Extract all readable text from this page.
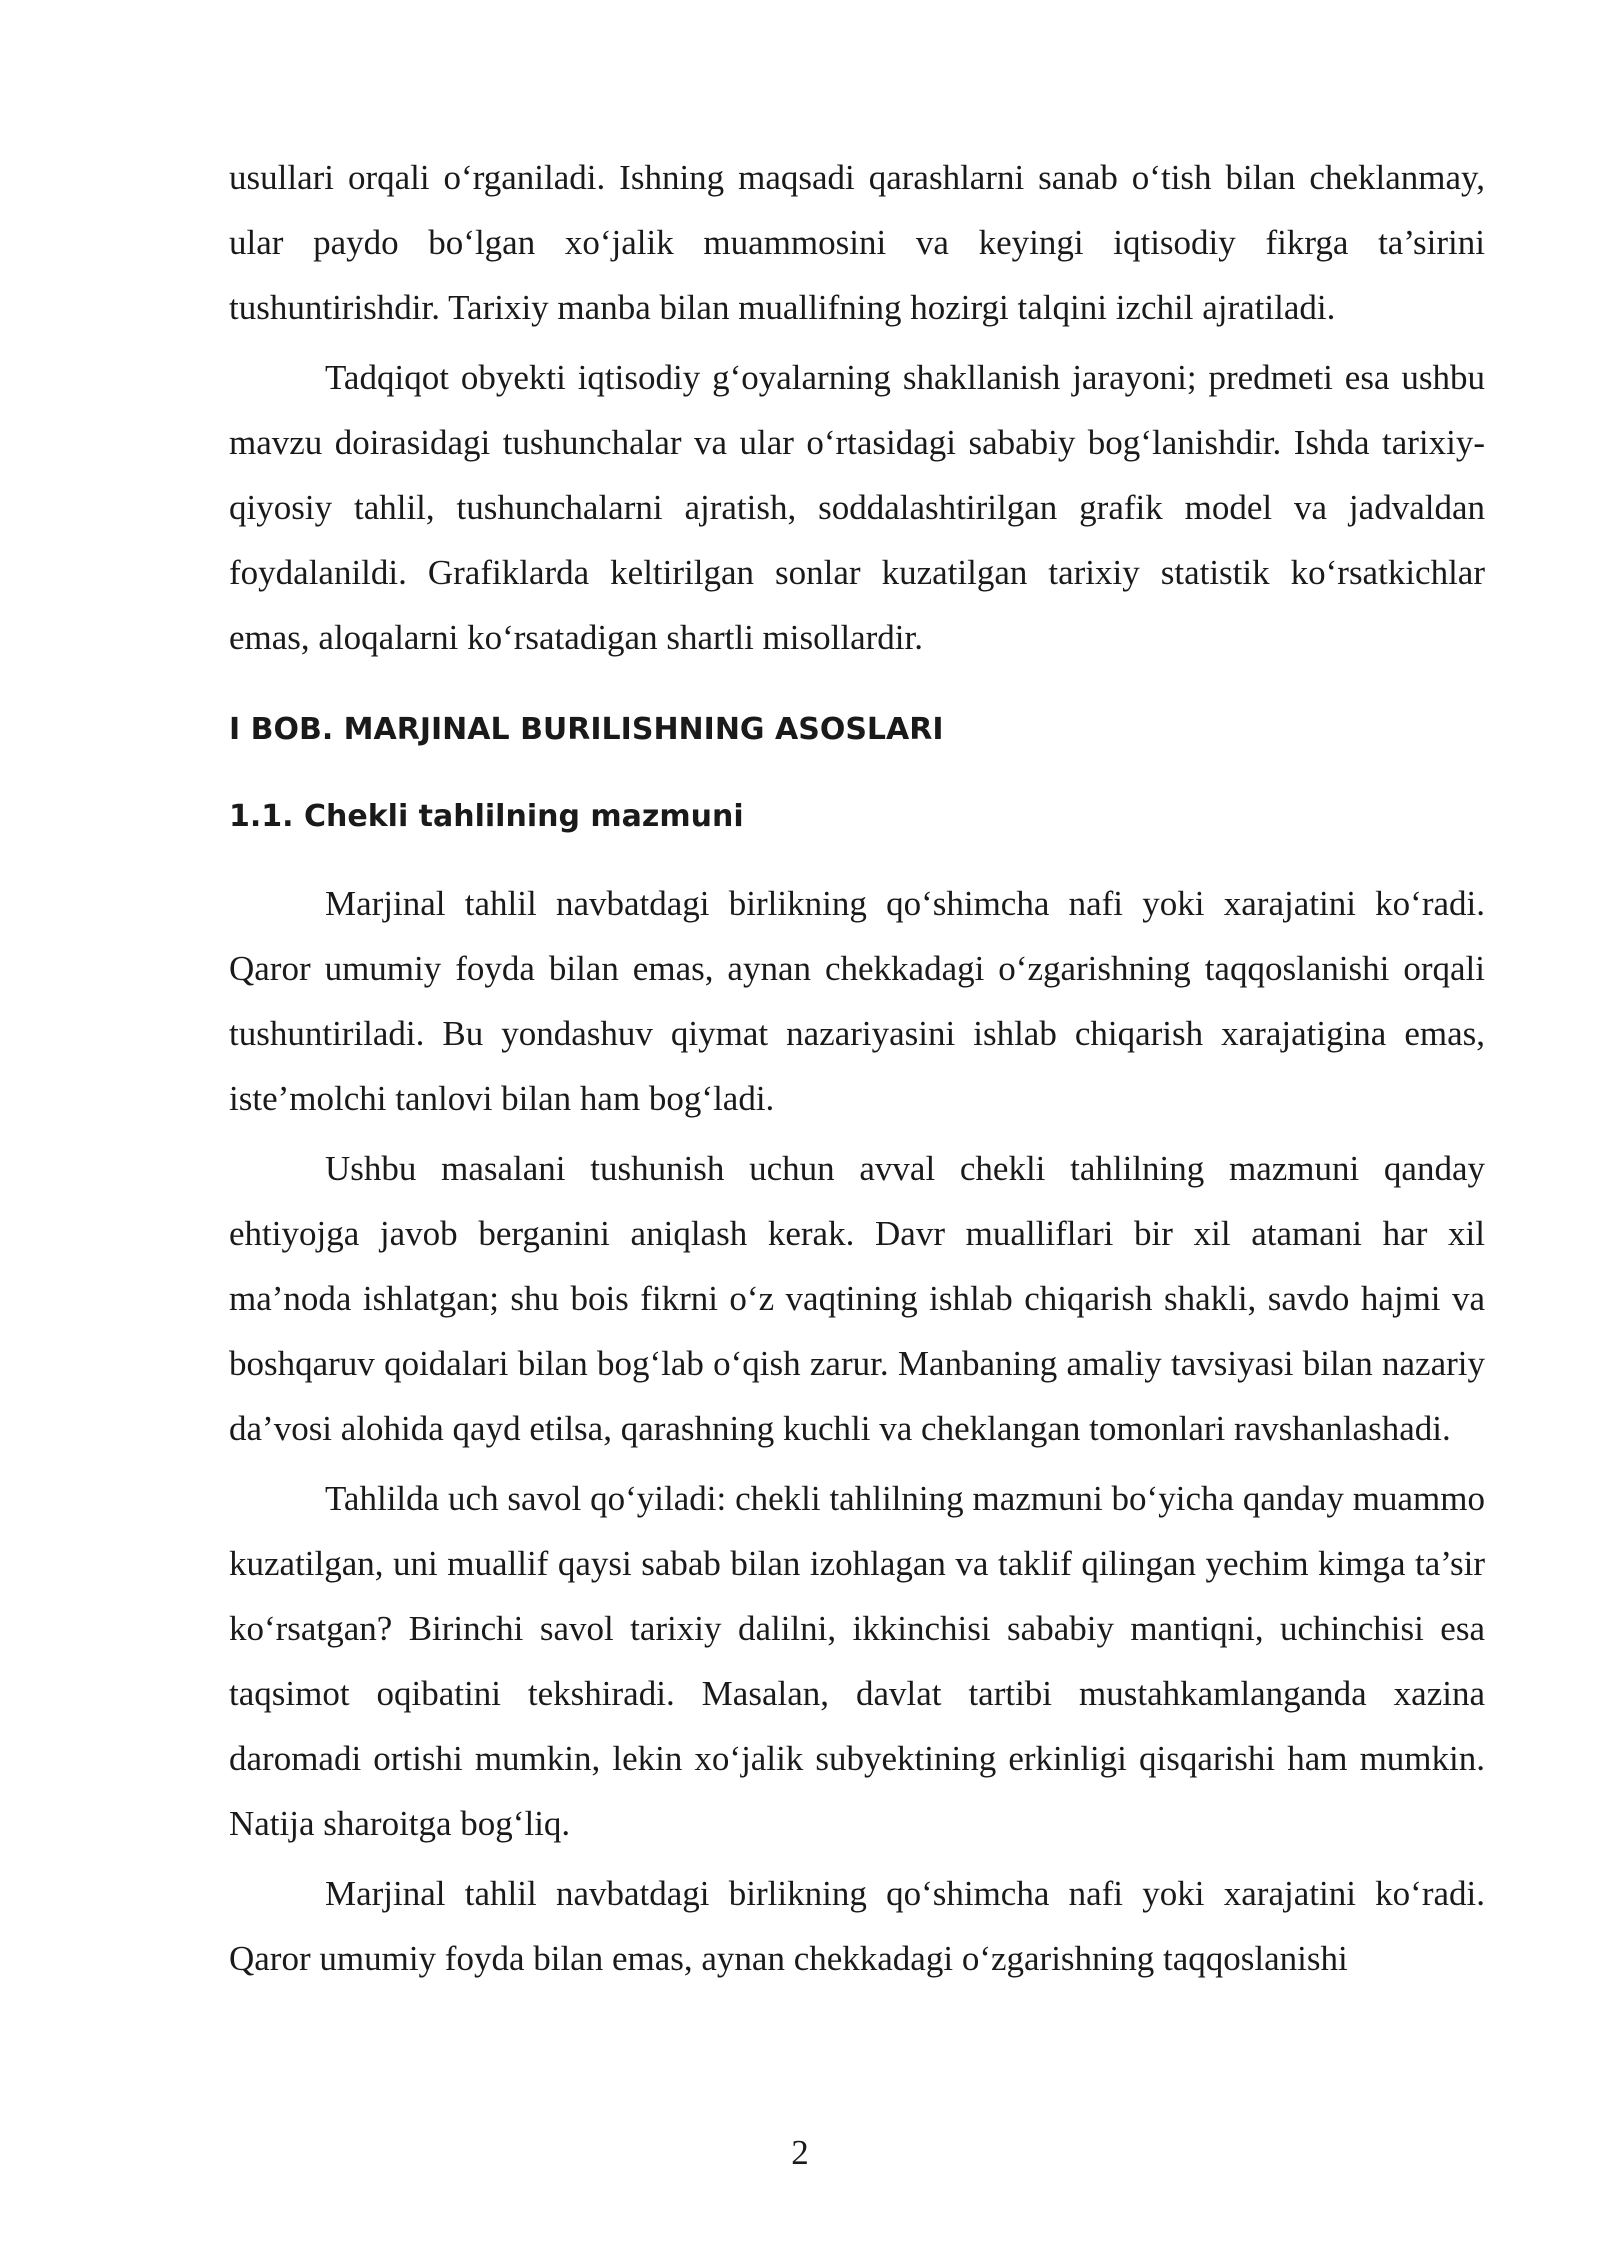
usullari orqali o‘rganiladi. Ishning maqsadi qarashlarni sanab o‘tish bilan cheklanmay, ular paydo bo‘lgan xo‘jalik muammosini va keyingi iqtisodiy fikrga ta’sirini tushuntirishdir. Tarixiy manba bilan muallifning hozirgi talqini izchil ajratiladi.

Tadqiqot obyekti iqtisodiy g‘oyalarning shakllanish jarayoni; predmeti esa ushbu mavzu doirasidagi tushunchalar va ular o‘rtasidagi sababiy bog‘lanishdir. Ishda tarixiy-qiyosiy tahlil, tushunchalarni ajratish, soddalashtirilgan grafik model va jadvaldan foydalanildi. Grafiklarda keltirilgan sonlar kuzatilgan tarixiy statistik ko‘rsatkichlar emas, aloqalarni ko‘rsatadigan shartli misollardir.

I BOB. MARJINAL BURILISHNING ASOSLARI
1.1. Chekli tahlilning mazmuni

Marjinal tahlil navbatdagi birlikning qo‘shimcha nafi yoki xarajatini ko‘radi. Qaror umumiy foyda bilan emas, aynan chekkadagi o‘zgarishning taqqoslanishi orqali tushuntiriladi. Bu yondashuv qiymat nazariyasini ishlab chiqarish xarajatigina emas, iste’molchi tanlovi bilan ham bog‘ladi.

Ushbu masalani tushunish uchun avval chekli tahlilning mazmuni qanday ehtiyojga javob berganini aniqlash kerak. Davr mualliflari bir xil atamani har xil ma’noda ishlatgan; shu bois fikrni o‘z vaqtining ishlab chiqarish shakli, savdo hajmi va boshqaruv qoidalari bilan bog‘lab o‘qish zarur. Manbaning amaliy tavsiyasi bilan nazariy da’vosi alohida qayd etilsa, qarashning kuchli va cheklangan tomonlari ravshanlashadi.

Tahlilda uch savol qo‘yiladi: chekli tahlilning mazmuni bo‘yicha qanday muammo kuzatilgan, uni muallif qaysi sabab bilan izohlagan va taklif qilingan yechim kimga ta’sir ko‘rsatgan? Birinchi savol tarixiy dalilni, ikkinchisi sababiy mantiqni, uchinchisi esa taqsimot oqibatini tekshiradi. Masalan, davlat tartibi mustahkamlanganda xazina daromadi ortishi mumkin, lekin xo‘jalik subyektining erkinligi qisqarishi ham mumkin. Natija sharoitga bog‘liq.

Marjinal tahlil navbatdagi birlikning qo‘shimcha nafi yoki xarajatini ko‘radi. Qaror umumiy foyda bilan emas, aynan chekkadagi o‘zgarishning taqqoslanishi

2
